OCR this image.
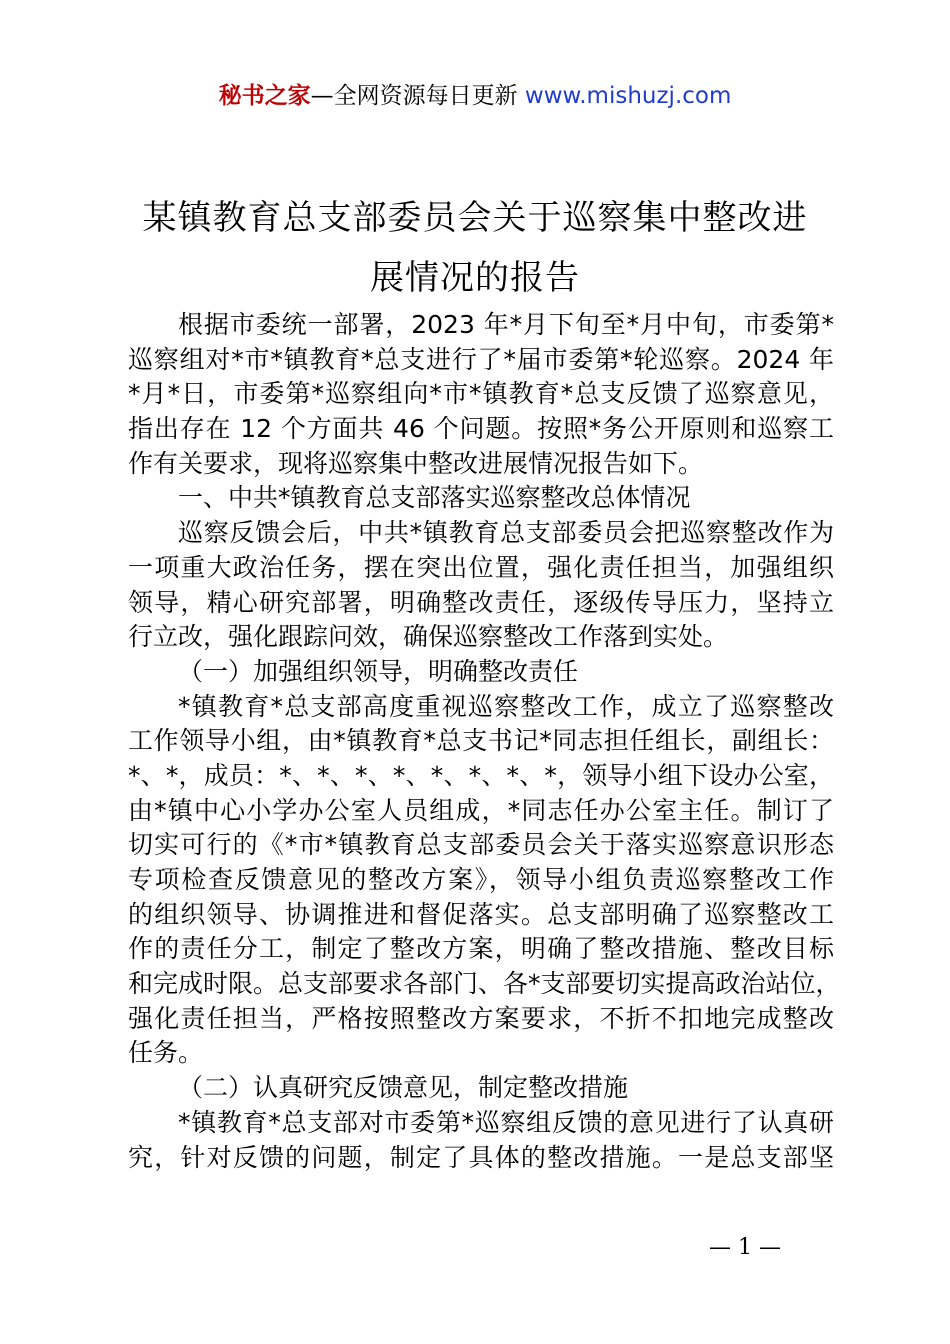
秘书之家—全网资源每日更新 www.mishuzj.com
某镇教育总支部委员会关于巡察集中整改进
展情况的报告
根据市委统一部署，2023 年*月下旬至*月中旬，市委第*
巡察组对*市*镇教育*总支进行了*届市委第*轮巡察。2024 年
*月*日，市委第*巡察组向*市*镇教育*总支反馈了巡察意见，
指出存在 12 个方面共 46 个问题。按照*务公开原则和巡察工
作有关要求，现将巡察集中整改进展情况报告如下。
一、中共*镇教育总支部落实巡察整改总体情况
巡察反馈会后，中共*镇教育总支部委员会把巡察整改作为
一项重大政治任务，摆在突出位置，强化责任担当，加强组织
领导，精心研究部署，明确整改责任，逐级传导压力，坚持立
行立改，强化跟踪问效，确保巡察整改工作落到实处。
（一）加强组织领导，明确整改责任
*镇教育*总支部高度重视巡察整改工作，成立了巡察整改
工作领导小组，由*镇教育*总支书记*同志担任组长，副组长：
*、*，成员：*、*、*、*、*、*、*、*，领导小组下设办公室，
由*镇中心小学办公室人员组成，*同志任办公室主任。制订了
切实可行的《*市*镇教育总支部委员会关于落实巡察意识形态
专项检查反馈意见的整改方案》，领导小组负责巡察整改工作
的组织领导、协调推进和督促落实。总支部明确了巡察整改工
作的责任分工，制定了整改方案，明确了整改措施、整改目标
和完成时限。总支部要求各部门、各*支部要切实提高政治站位，
强化责任担当，严格按照整改方案要求，不折不扣地完成整改
任务。
（二）认真研究反馈意见，制定整改措施
*镇教育*总支部对市委第*巡察组反馈的意见进行了认真研
究，针对反馈的问题，制定了具体的整改措施。一是总支部坚
— 1 —
